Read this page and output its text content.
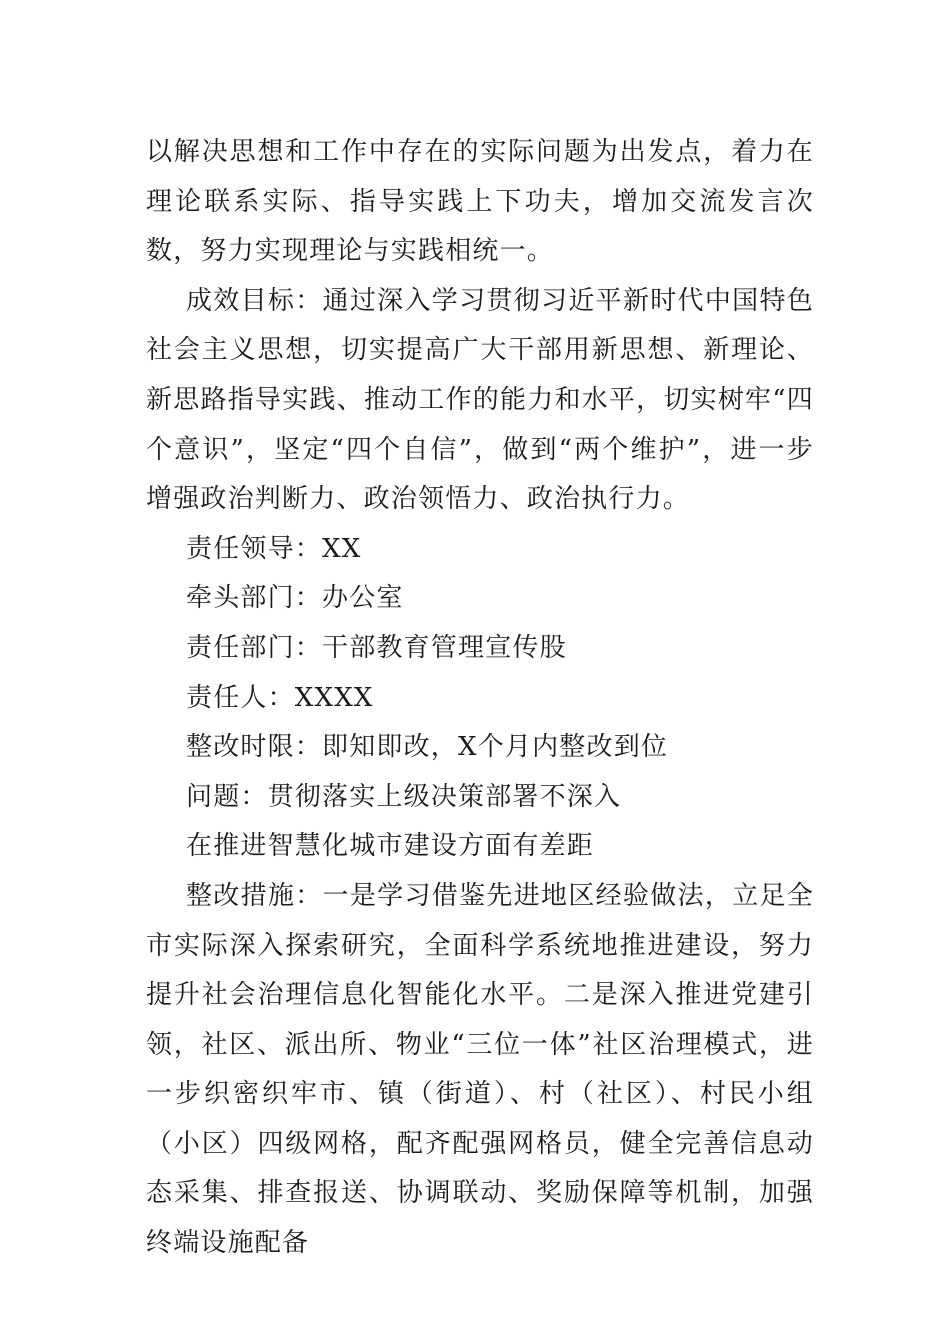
以解决思想和工作中存在的实际问题为出发点，着力在理论联系实际、指导实践上下功夫，增加交流发言次数，努力实现理论与实践相统一。

成效目标：通过深入学习贯彻习近平新时代中国特色社会主义思想，切实提高广大干部用新思想、新理论、新思路指导实践、推动工作的能力和水平，切实树牢“四个意识”，坚定“四个自信”，做到“两个维护”，进一步增强政治判断力、政治领悟力、政治执行力。

责任领导：XX

牵头部门：办公室

责任部门：干部教育管理宣传股

责任人：XXXX

整改时限：即知即改，X个月内整改到位

问题：贯彻落实上级决策部署不深入

在推进智慧化城市建设方面有差距

整改措施：一是学习借鉴先进地区经验做法，立足全市实际深入探索研究，全面科学系统地推进建设，努力提升社会治理信息化智能化水平。二是深入推进党建引领，社区、派出所、物业“三位一体”社区治理模式，进一步织密织牢市、镇（街道）、村（社区）、村民小组（小区）四级网格，配齐配强网格员，健全完善信息动态采集、排查报送、协调联动、奖励保障等机制，加强终端设施配备
